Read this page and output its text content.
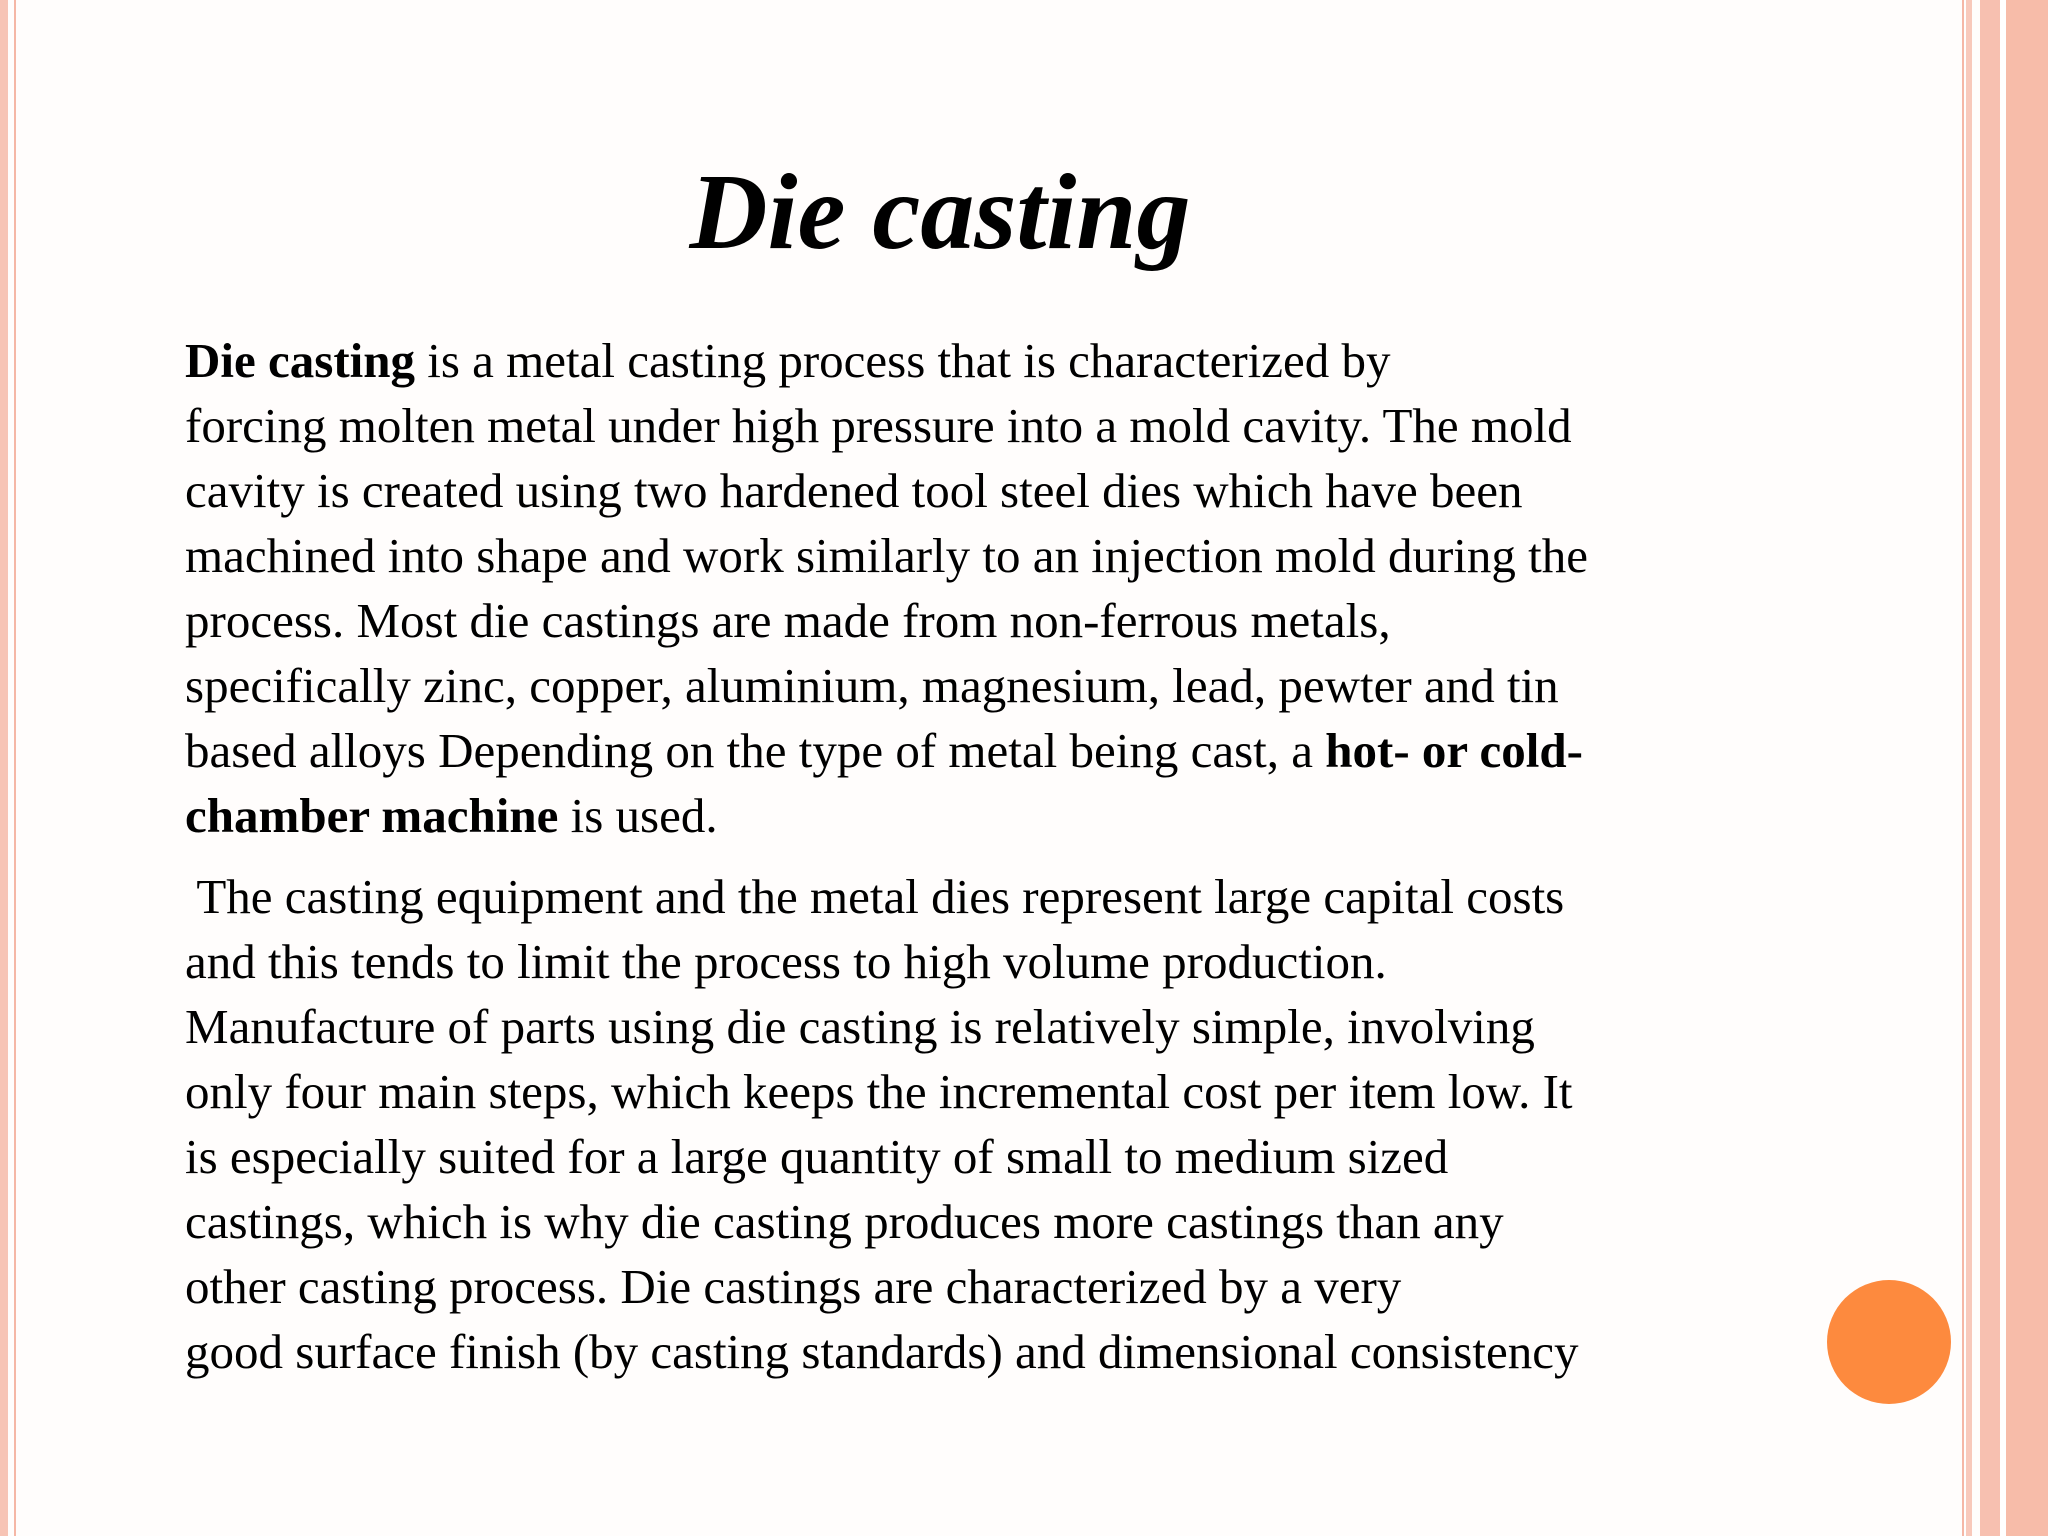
Die casting

Die casting is a metal casting process that is characterized by
forcing molten metal under high pressure into a mold cavity. The mold
cavity is created using two hardened tool steel dies which have been
machined into shape and work similarly to an injection mold during the
process. Most die castings are made from non-ferrous metals,
specifically zinc, copper, aluminium, magnesium, lead, pewter and tin
based alloys Depending on the type of metal being cast, a hot- or cold-
chamber machine is used.

The casting equipment and the metal dies represent large capital costs
and this tends to limit the process to high volume production.
Manufacture of parts using die casting is relatively simple, involving
only four main steps, which keeps the incremental cost per item low. It
is especially suited for a large quantity of small to medium sized
castings, which is why die casting produces more castings than any
other casting process. Die castings are characterized by a very
good surface finish (by casting standards) and dimensional consistency
